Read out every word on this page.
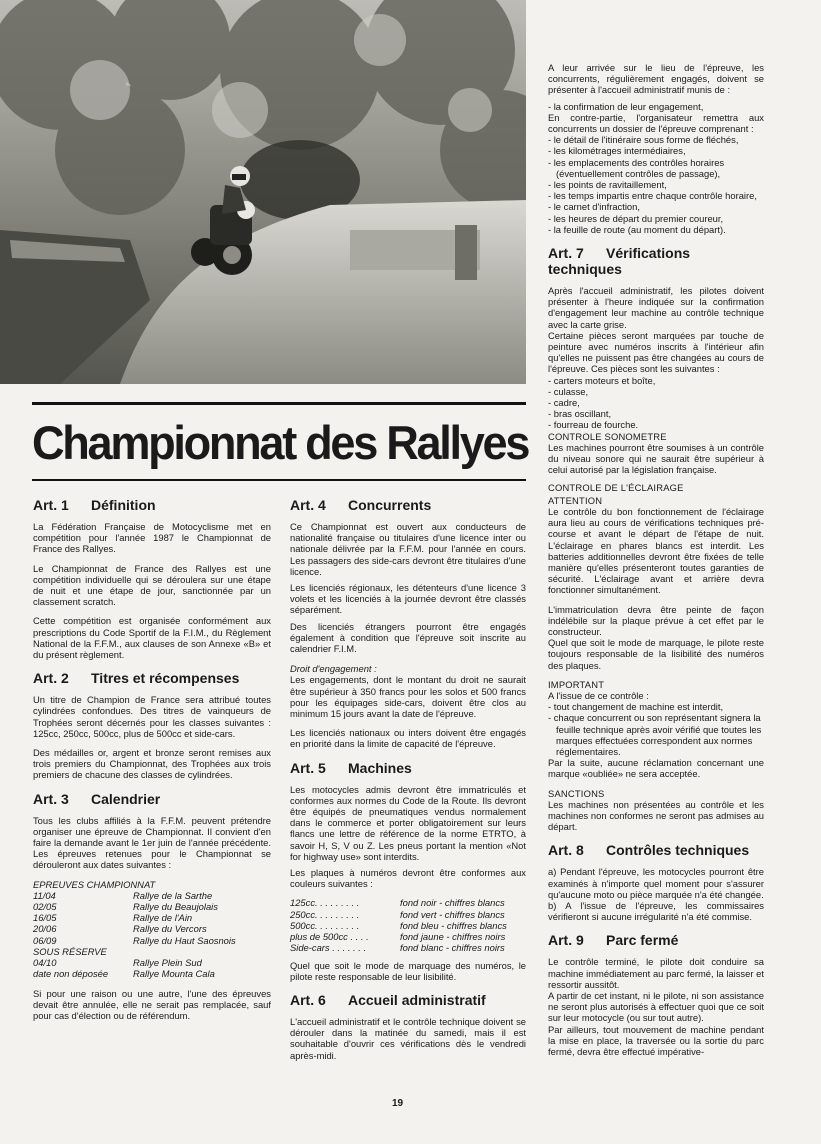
A leur arrivée sur le lieu de l'épreuve, les concurrents, régulièrement engagés, doivent se présenter à l'accueil administratif munis de :

- la confirmation de leur engagement,

En contre-partie, l'organisateur remettra aux concurrents un dossier de l'épreuve comprenant :

- le détail de l'itinéraire sous forme de fléchés,
- les kilométrages intermédiaires,
- les emplacements des contrôles horaires (éventuellement contrôles de passage),
- les points de ravitaillement,
- les temps impartis entre chaque contrôle horaire,
- le carnet d'infraction,
- les heures de départ du premier coureur,
- la feuille de route (au moment du départ).
Art. 7 Vérifications techniques

Après l'accueil administratif, les pilotes doivent présenter à l'heure indiquée sur la confirmation d'engagement leur machine au contrôle technique avec la carte grise.

Certaine pièces seront marquées par touche de peinture avec numéros inscrits à l'intérieur afin qu'elles ne puissent pas être changées au cours de l'épreuve. Ces pièces sont les suivantes :

- carters moteurs et boîte,
- culasse,
- cadre,
- bras oscillant,
- fourreau de fourche.
CONTROLE SONOMETRE

Les machines pourront être soumises à un contrôle du niveau sonore qui ne saurait être supérieur à celui autorisé par la législation française.

CONTROLE DE L'ÉCLAIRAGE
ATTENTION

Le contrôle du bon fonctionnement de l'éclairage aura lieu au cours de vérifications techniques pré-course et avant le départ de l'étape de nuit. L'éclairage en phares blancs est interdit. Les batteries additionnelles devront être fixées de telle manière qu'elles présenteront toutes garanties de sécurité. L'éclairage avant et arrière devra fonctionner simultanément.

L'immatriculation devra être peinte de façon indélébile sur la plaque prévue à cet effet par le constructeur.

Quel que soit le mode de marquage, le pilote reste toujours responsable de la lisibilité des numéros des plaques.

IMPORTANT
A l'issue de ce contrôle :
- tout changement de machine est interdit,
- chaque concurrent ou son représentant signera la feuille technique après avoir vérifié que toutes les marques effectuées correspondent aux normes réglementaires.

Par la suite, aucune réclamation concernant une marque «oubliée» ne sera acceptée.

SANCTIONS

Les machines non présentées au contrôle et les machines non conformes ne seront pas admises au départ.

Art. 8 Contrôles techniques

a) Pendant l'épreuve, les motocycles pourront être examinés à n'importe quel moment pour s'assurer qu'aucune moto ou pièce marquée n'a été changée.

b) A l'issue de l'épreuve, les commissaires vérifieront si aucune irrégularité n'a été commise.

Art. 9 Parc fermé

Le contrôle terminé, le pilote doit conduire sa machine immédiatement au parc fermé, la laisser et ressortir aussitôt.

A partir de cet instant, ni le pilote, ni son assistance ne seront plus autorisés à effectuer quoi que ce soit sur leur motocycle (ou sur tout autre).

Par ailleurs, tout mouvement de machine pendant la mise en place, la traversée ou la sortie du parc fermé, devra être effectué impérative-

Championnat des Rallyes
Art. 1 Définition

La Fédération Française de Motocyclisme met en compétition pour l'année 1987 le Championnat de France des Rallyes.

Le Championnat de France des Rallyes est une compétition individuelle qui se déroulera sur une étape de nuit et une étape de jour, sanctionnée par un classement scratch.

Cette compétition est organisée conformément aux prescriptions du Code Sportif de la F.I.M., du Règlement National de la F.F.M., aux clauses de son Annexe «B» et du présent règlement.

Art. 2 Titres et récompenses

Un titre de Champion de France sera attribué toutes cylindrées confondues. Des titres de vainqueurs de Trophées seront décernés pour les classes suivantes : 125cc, 250cc, 500cc, plus de 500cc et side-cars.

Des médailles or, argent et bronze seront remises aux trois premiers du Championnat, des Trophées aux trois premiers de chacune des classes de cylindrées.

Art. 3 Calendrier

Tous les clubs affiliés à la F.F.M. peuvent prétendre organiser une épreuve de Championnat. Il convient d'en faire la demande avant le 1er juin de l'année précédente. Les épreuves retenues pour le Championnat se dérouleront aux dates suivantes :

EPREUVES CHAMPIONNAT
11/04	Rallye de la Sarthe
02/05	Rallye du Beaujolais
16/05	Rallye de l'Ain
20/06	Rallye du Vercors
06/09	Rallye du Haut Saosnois
SOUS RÉSERVE
04/10	Rallye Plein Sud
date non déposée	Rallye Mounta Cala

Si pour une raison ou une autre, l'une des épreuves devait être annulée, elle ne serait pas remplacée, sauf pour cas d'élection ou de référendum.

Art. 4 Concurrents

Ce Championnat est ouvert aux conducteurs de nationalité française ou titulaires d'une licence inter ou nationale délivrée par la F.F.M. pour l'année en cours. Les passagers des side-cars devront être titulaires d'une licence.

Les licenciés régionaux, les détenteurs d'une licence 3 volets et les licenciés à la journée devront être classés séparément.

Des licenciés étrangers pourront être engagés également à condition que l'épreuve soit inscrite au calendrier F.I.M.

Droit d'engagement :

Les engagements, dont le montant du droit ne saurait être supérieur à 350 francs pour les solos et 500 francs pour les équipages side-cars, doivent être clos au minimum 15 jours avant la date de l'épreuve.

Les licenciés nationaux ou inters doivent être engagés en priorité dans la limite de capacité de l'épreuve.

Art. 5 Machines

Les motocycles admis devront être immatriculés et conformes aux normes du Code de la Route. Ils devront être équipés de pneumatiques vendus normalement dans le commerce et porter obligatoirement sur leurs flancs une lettre de référence de la norme ETRTO, à savoir H, S, V ou Z. Les pneus portant la mention «Not for highway use» sont interdits.

Les plaques à numéros devront être conformes aux couleurs suivantes :

125cc. . . . . . . . .	fond noir - chiffres blancs
250cc. . . . . . . . .	fond vert - chiffres blancs
500cc. . . . . . . . .	fond bleu - chiffres blancs
plus de 500cc . . . .	fond jaune - chiffres noirs
Side-cars . . . . . . .	fond blanc - chiffres noirs

Quel que soit le mode de marquage des numéros, le pilote reste responsable de leur lisibilité.

Art. 6 Accueil administratif

L'accueil administratif et le contrôle technique doivent se dérouler dans la matinée du samedi, mais il est souhaitable d'ouvrir ces vérifications dès le vendredi après-midi.

19
